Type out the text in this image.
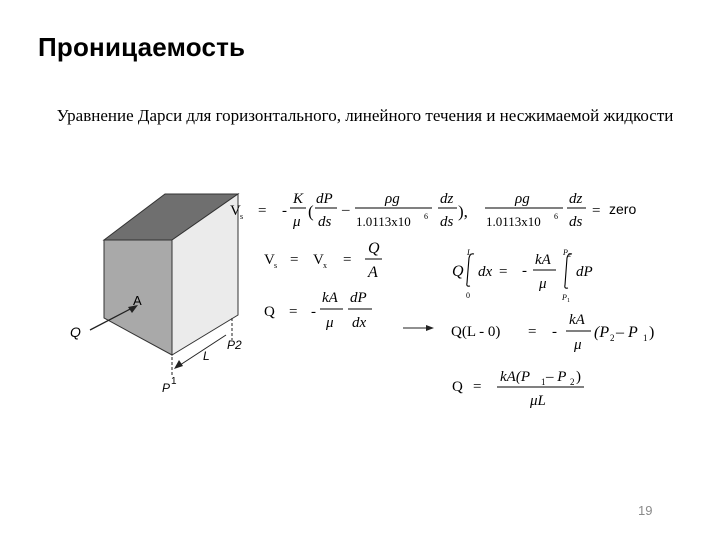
Проницаемость
Уравнение Дарси для горизонтального, линейного течения и несжимаемой жидкости
19
Q
A
L
P2
P 1
V s = -
K
μ
(
dP
ds
–
ρg
1.0113x10 6
dz
ds
),
ρg
1.0113x10 6
dz
ds
= zero
V s = V x =
Q
A
Q = -
kA
μ
dP
dx
Q
L
0
dx = -
kA
μ
P 2
P 1
dP
Q(L - 0) = -
kA
μ
(P 2 – P 1 )
Q =
kA(P 1 – P 2 )
μL
